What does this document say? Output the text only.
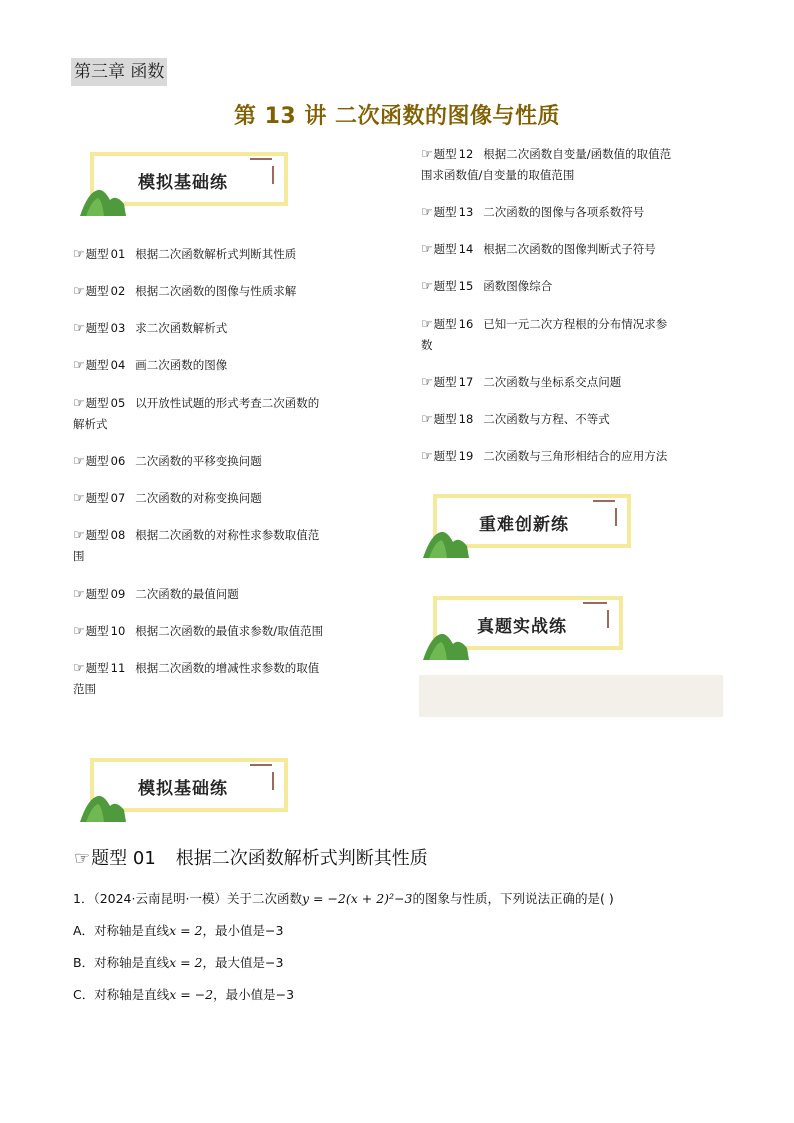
第三章 函数
第 13 讲 二次函数的图像与性质
模拟基础练
☞题型 01 根据二次函数解析式判断其性质
☞题型 02 根据二次函数的图像与性质求解
☞题型 03 求二次函数解析式
☞题型 04 画二次函数的图像
☞题型 05 以开放性试题的形式考查二次函数的
解析式
☞题型 06 二次函数的平移变换问题
☞题型 07 二次函数的对称变换问题
☞题型 08 根据二次函数的对称性求参数取值范
围
☞题型 09 二次函数的最值问题
☞题型 10 根据二次函数的最值求参数/取值范围
☞题型 11 根据二次函数的增减性求参数的取值
范围
☞题型 12 根据二次函数自变量/函数值的取值范
围求函数值/自变量的取值范围
☞题型 13 二次函数的图像与各项系数符号
☞题型 14 根据二次函数的图像判断式子符号
☞题型 15 函数图像综合
☞题型 16 已知一元二次方程根的分布情况求参
数
☞题型 17 二次函数与坐标系交点问题
☞题型 18 二次函数与方程、不等式
☞题型 19 二次函数与三角形相结合的应用方法
重难创新练
真题实战练
模拟基础练
☞题型 01 根据二次函数解析式判断其性质
1．（2024·云南昆明·一模）关于二次函数y = −2(x + 2)²−3的图象与性质，下列说法正确的是( )
A．对称轴是直线x = 2，最小值是−3
B．对称轴是直线x = 2，最大值是−3
C．对称轴是直线x = −2，最小值是−3
